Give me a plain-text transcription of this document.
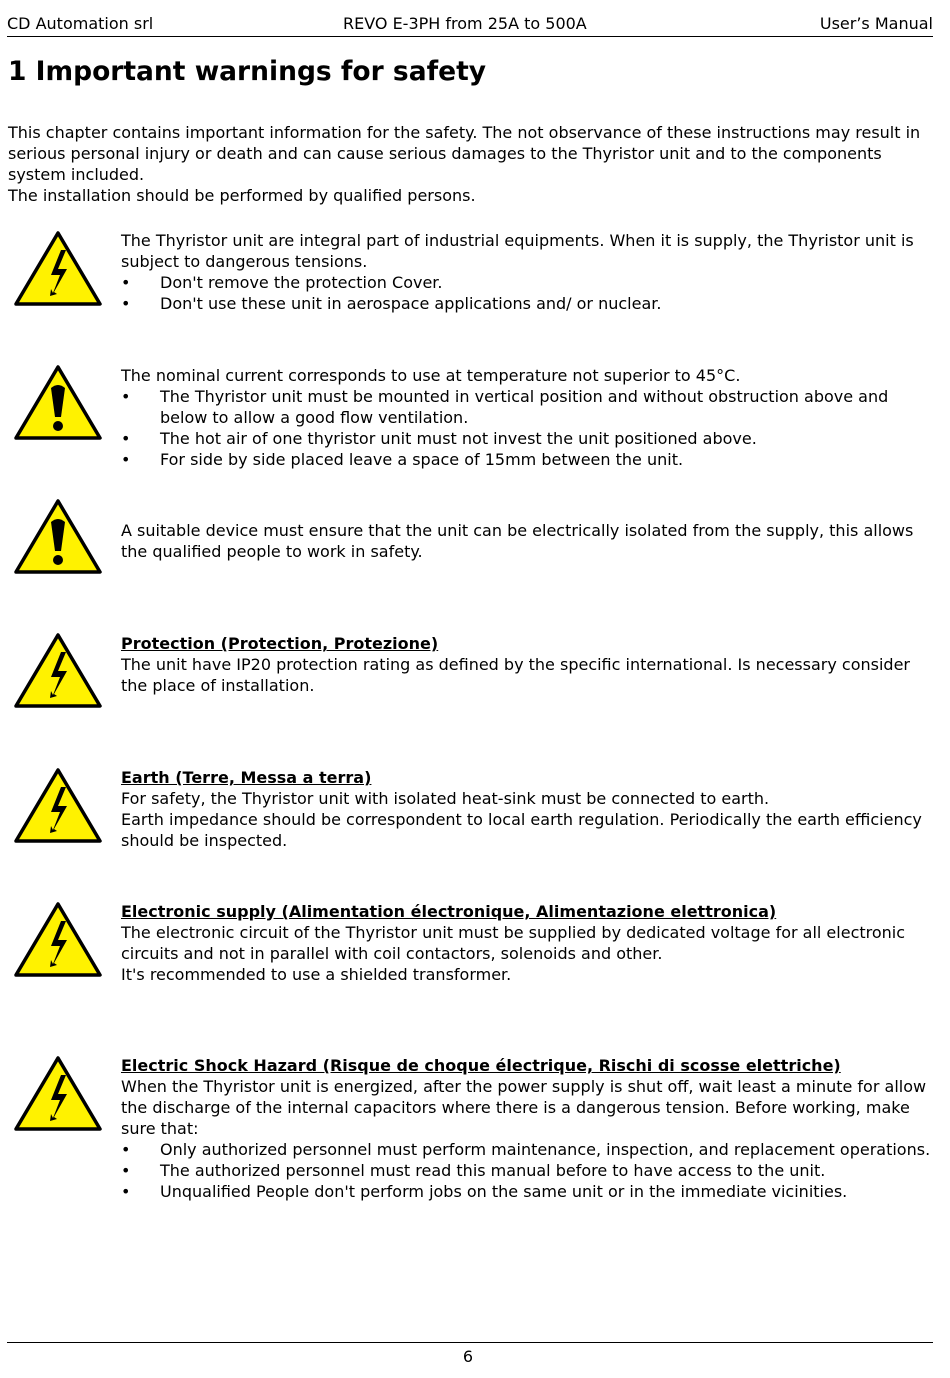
CD Automation srl	REVO E-3PH from 25A to 500A	User’s Manual
1 Important warnings for safety

This chapter contains important information for the safety. The not observance of these instructions may result in serious personal injury or death and can cause serious damages to the Thyristor unit and to the components system included.

The installation should be performed by qualified persons.

The Thyristor unit are integral part of industrial equipments. When it is supply, the Thyristor unit is subject to dangerous tensions.

• Don't remove the protection Cover.
• Don't use these unit in aerospace applications and/ or nuclear.

The nominal current corresponds to use at temperature not superior to 45°C.

• The Thyristor unit must be mounted in vertical position and without obstruction above and below to allow a good flow ventilation.
• The hot air of one thyristor unit must not invest the unit positioned above.
• For side by side placed leave a space of 15mm between the unit.

A suitable device must ensure that the unit can be electrically isolated from the supply, this allows the qualified people to work in safety.

Protection (Protection, Protezione)

The unit have IP20 protection rating as defined by the specific international. Is necessary consider the place of installation.

Earth (Terre, Messa a terra)

For safety, the Thyristor unit with isolated heat-sink must be connected to earth.

Earth impedance should be correspondent to local earth regulation. Periodically the earth efficiency should be inspected.

Electronic supply (Alimentation électronique, Alimentazione elettronica)

The electronic circuit of the Thyristor unit must be supplied by dedicated voltage for all electronic circuits and not in parallel with coil contactors, solenoids and other.

It's recommended to use a shielded transformer.

Electric Shock Hazard (Risque de choque électrique, Rischi di scosse elettriche)

When the Thyristor unit is energized, after the power supply is shut off, wait least a minute for allow the discharge of the internal capacitors where there is a dangerous tension. Before working, make sure that:

• Only authorized personnel must perform maintenance, inspection, and replacement operations.
• The authorized personnel must read this manual before to have access to the unit.
• Unqualified People don't perform jobs on the same unit or in the immediate vicinities.
6
